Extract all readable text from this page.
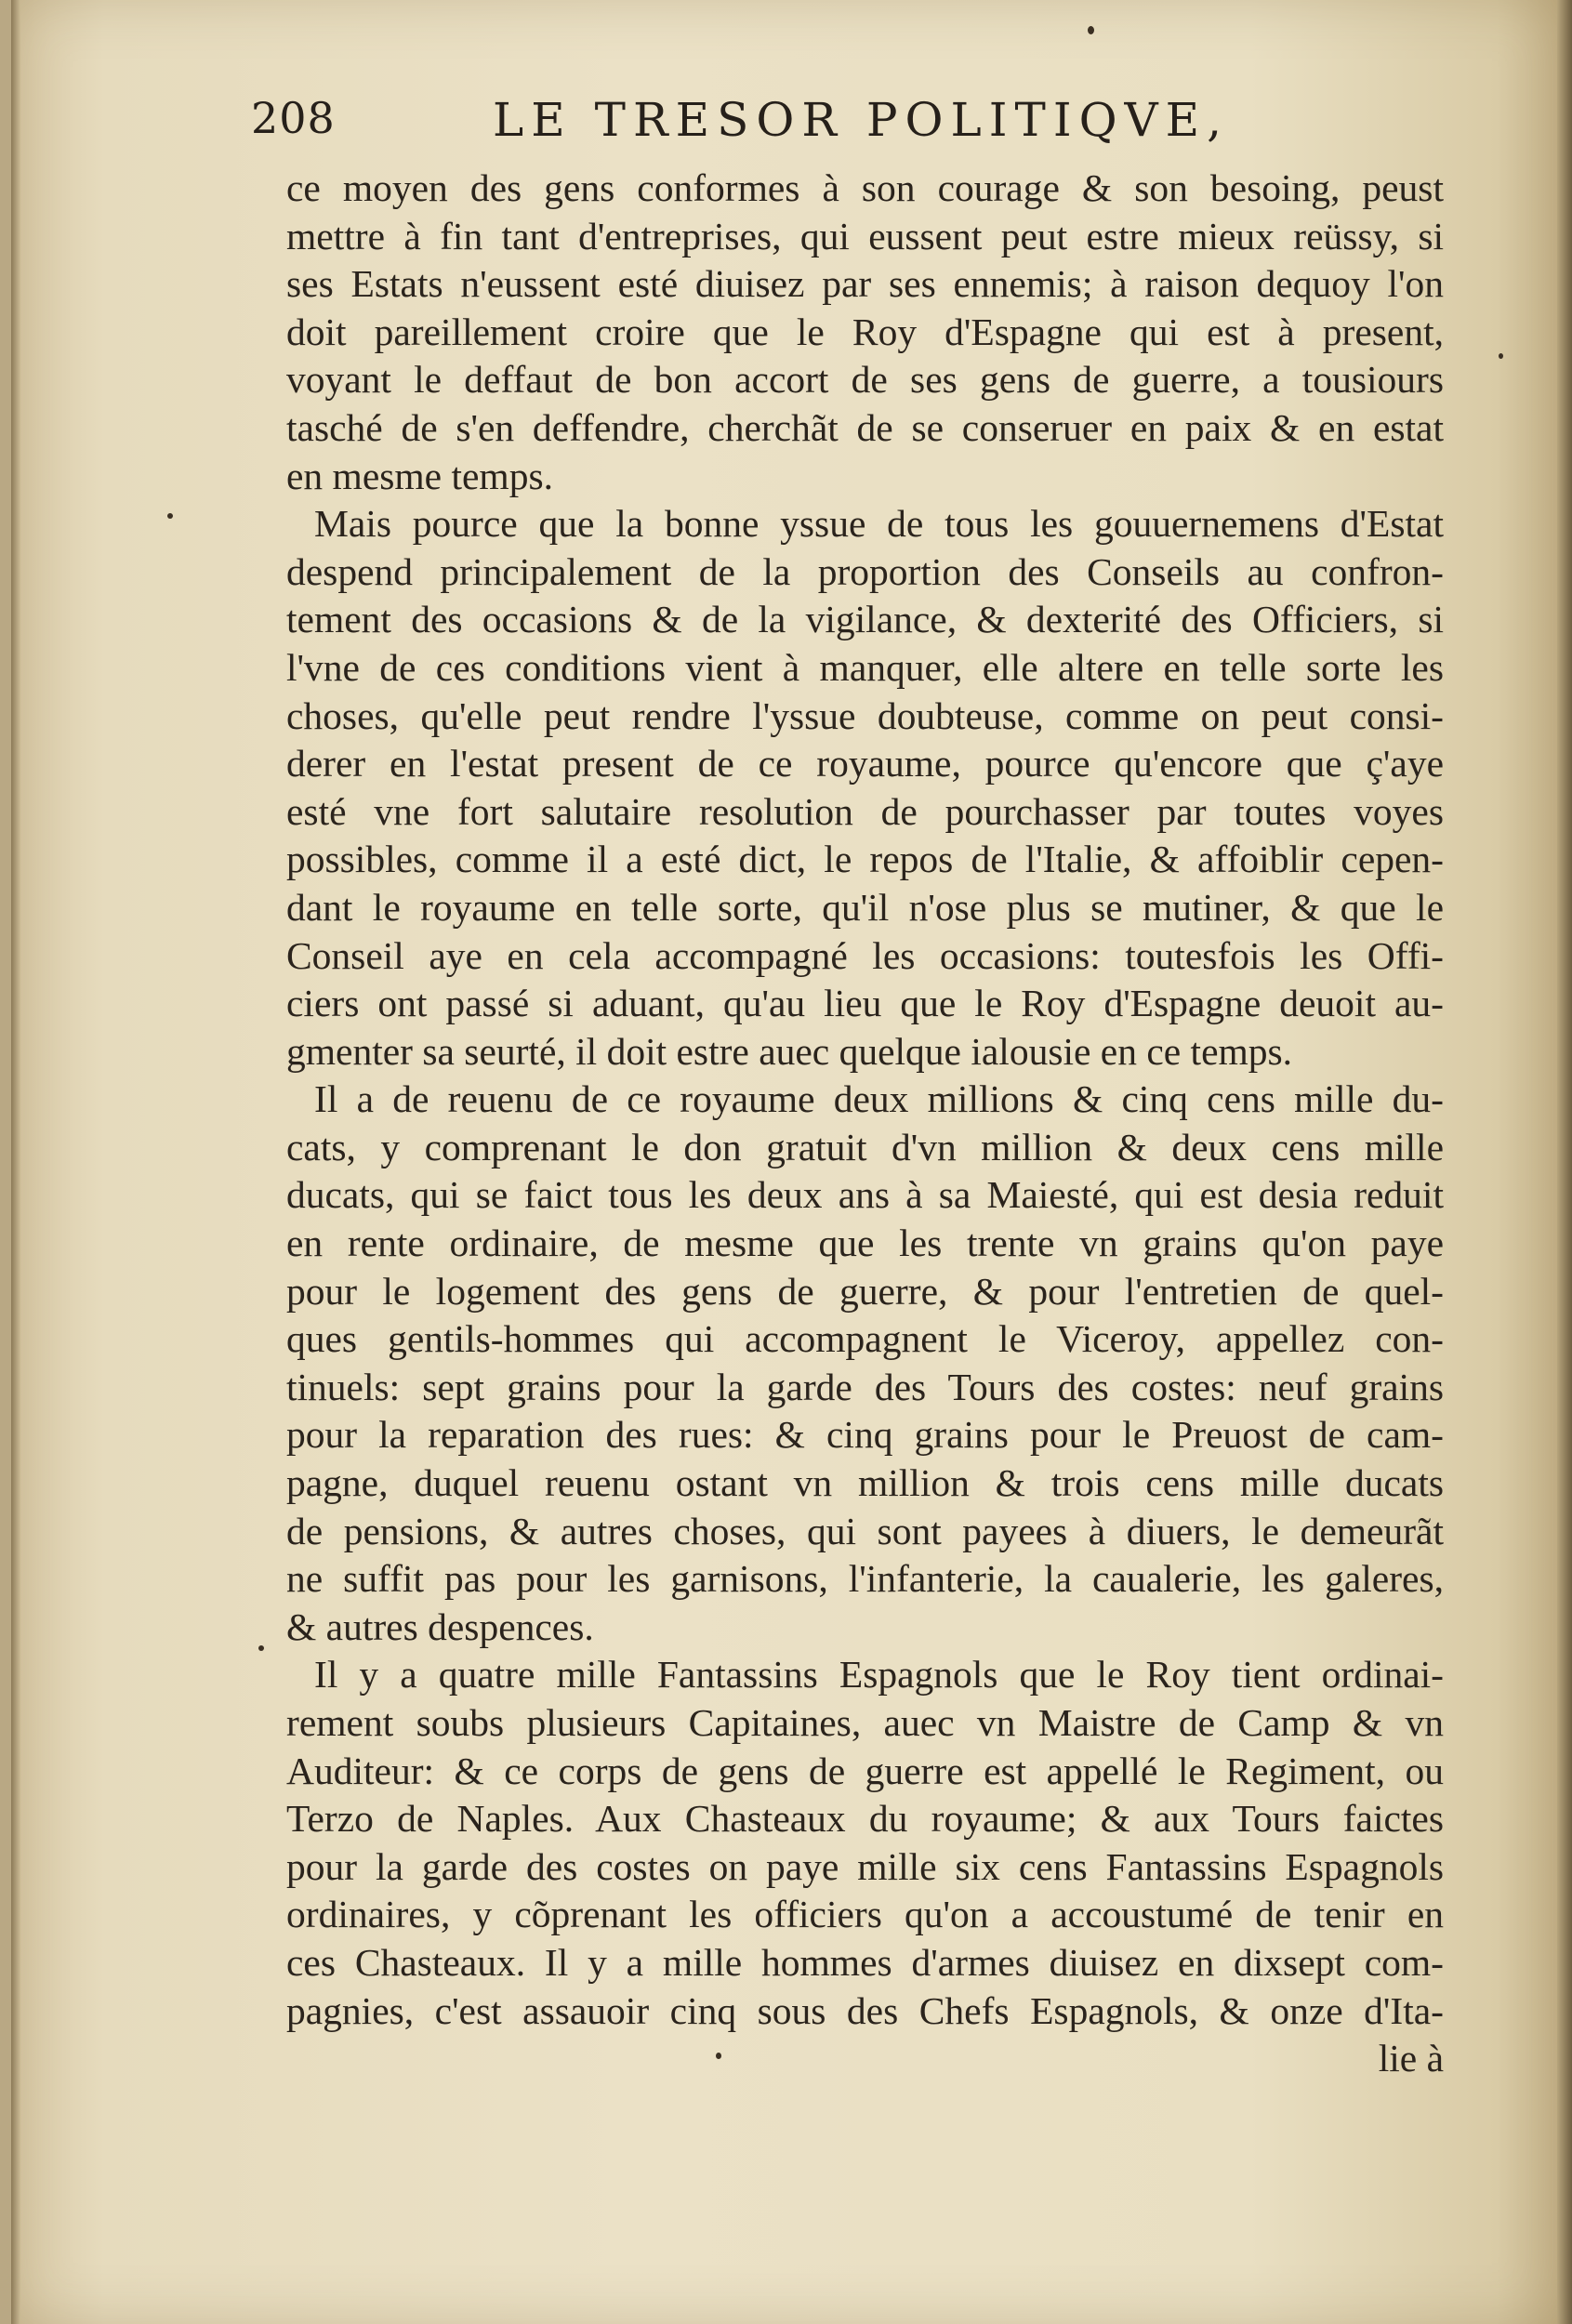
208	LE TRESOR POLITIQVE,
ce moyen des gens conformes à son courage & son besoing, peust
mettre à fin tant d'entreprises, qui eussent peut estre mieux reüssy, si
ses Estats n'eussent esté diuisez par ses ennemis; à raison dequoy l'on
doit pareillement croire que le Roy d'Espagne qui est à present,
voyant le deffaut de bon accort de ses gens de guerre, a tousiours
tasché de s'en deffendre, cherchãt de se conseruer en paix & en estat
en mesme temps.
Mais pource que la bonne yssue de tous les gouuernemens d'Estat
despend principalement de la proportion des Conseils au confron-
tement des occasions & de la vigilance, & dexterité des Officiers, si
l'vne de ces conditions vient à manquer, elle altere en telle sorte les
choses, qu'elle peut rendre l'yssue doubteuse, comme on peut consi-
derer en l'estat present de ce royaume, pource qu'encore que ç'aye
esté vne fort salutaire resolution de pourchasser par toutes voyes
possibles, comme il a esté dict, le repos de l'Italie, & affoiblir cepen-
dant le royaume en telle sorte, qu'il n'ose plus se mutiner, & que le
Conseil aye en cela accompagné les occasions: toutesfois les Offi-
ciers ont passé si aduant, qu'au lieu que le Roy d'Espagne deuoit au-
gmenter sa seurté, il doit estre auec quelque ialousie en ce temps.
Il a de reuenu de ce royaume deux millions & cinq cens mille du-
cats, y comprenant le don gratuit d'vn million & deux cens mille
ducats, qui se faict tous les deux ans à sa Maiesté, qui est desia reduit
en rente ordinaire, de mesme que les trente vn grains qu'on paye
pour le logement des gens de guerre, & pour l'entretien de quel-
ques gentils-hommes qui accompagnent le Viceroy, appellez con-
tinuels: sept grains pour la garde des Tours des costes: neuf grains
pour la reparation des rues: & cinq grains pour le Preuost de cam-
pagne, duquel reuenu ostant vn million & trois cens mille ducats
de pensions, & autres choses, qui sont payees à diuers, le demeurãt
ne suffit pas pour les garnisons, l'infanterie, la caualerie, les galeres,
& autres despences.
Il y a quatre mille Fantassins Espagnols que le Roy tient ordinai-
rement soubs plusieurs Capitaines, auec vn Maistre de Camp & vn
Auditeur: & ce corps de gens de guerre est appellé le Regiment, ou
Terzo de Naples. Aux Chasteaux du royaume; & aux Tours faictes
pour la garde des costes on paye mille six cens Fantassins Espagnols
ordinaires, y cõprenant les officiers qu'on a accoustumé de tenir en
ces Chasteaux. Il y a mille hommes d'armes diuisez en dixsept com-
pagnies, c'est assauoir cinq sous des Chefs Espagnols, & onze d'Ita-
lie à
